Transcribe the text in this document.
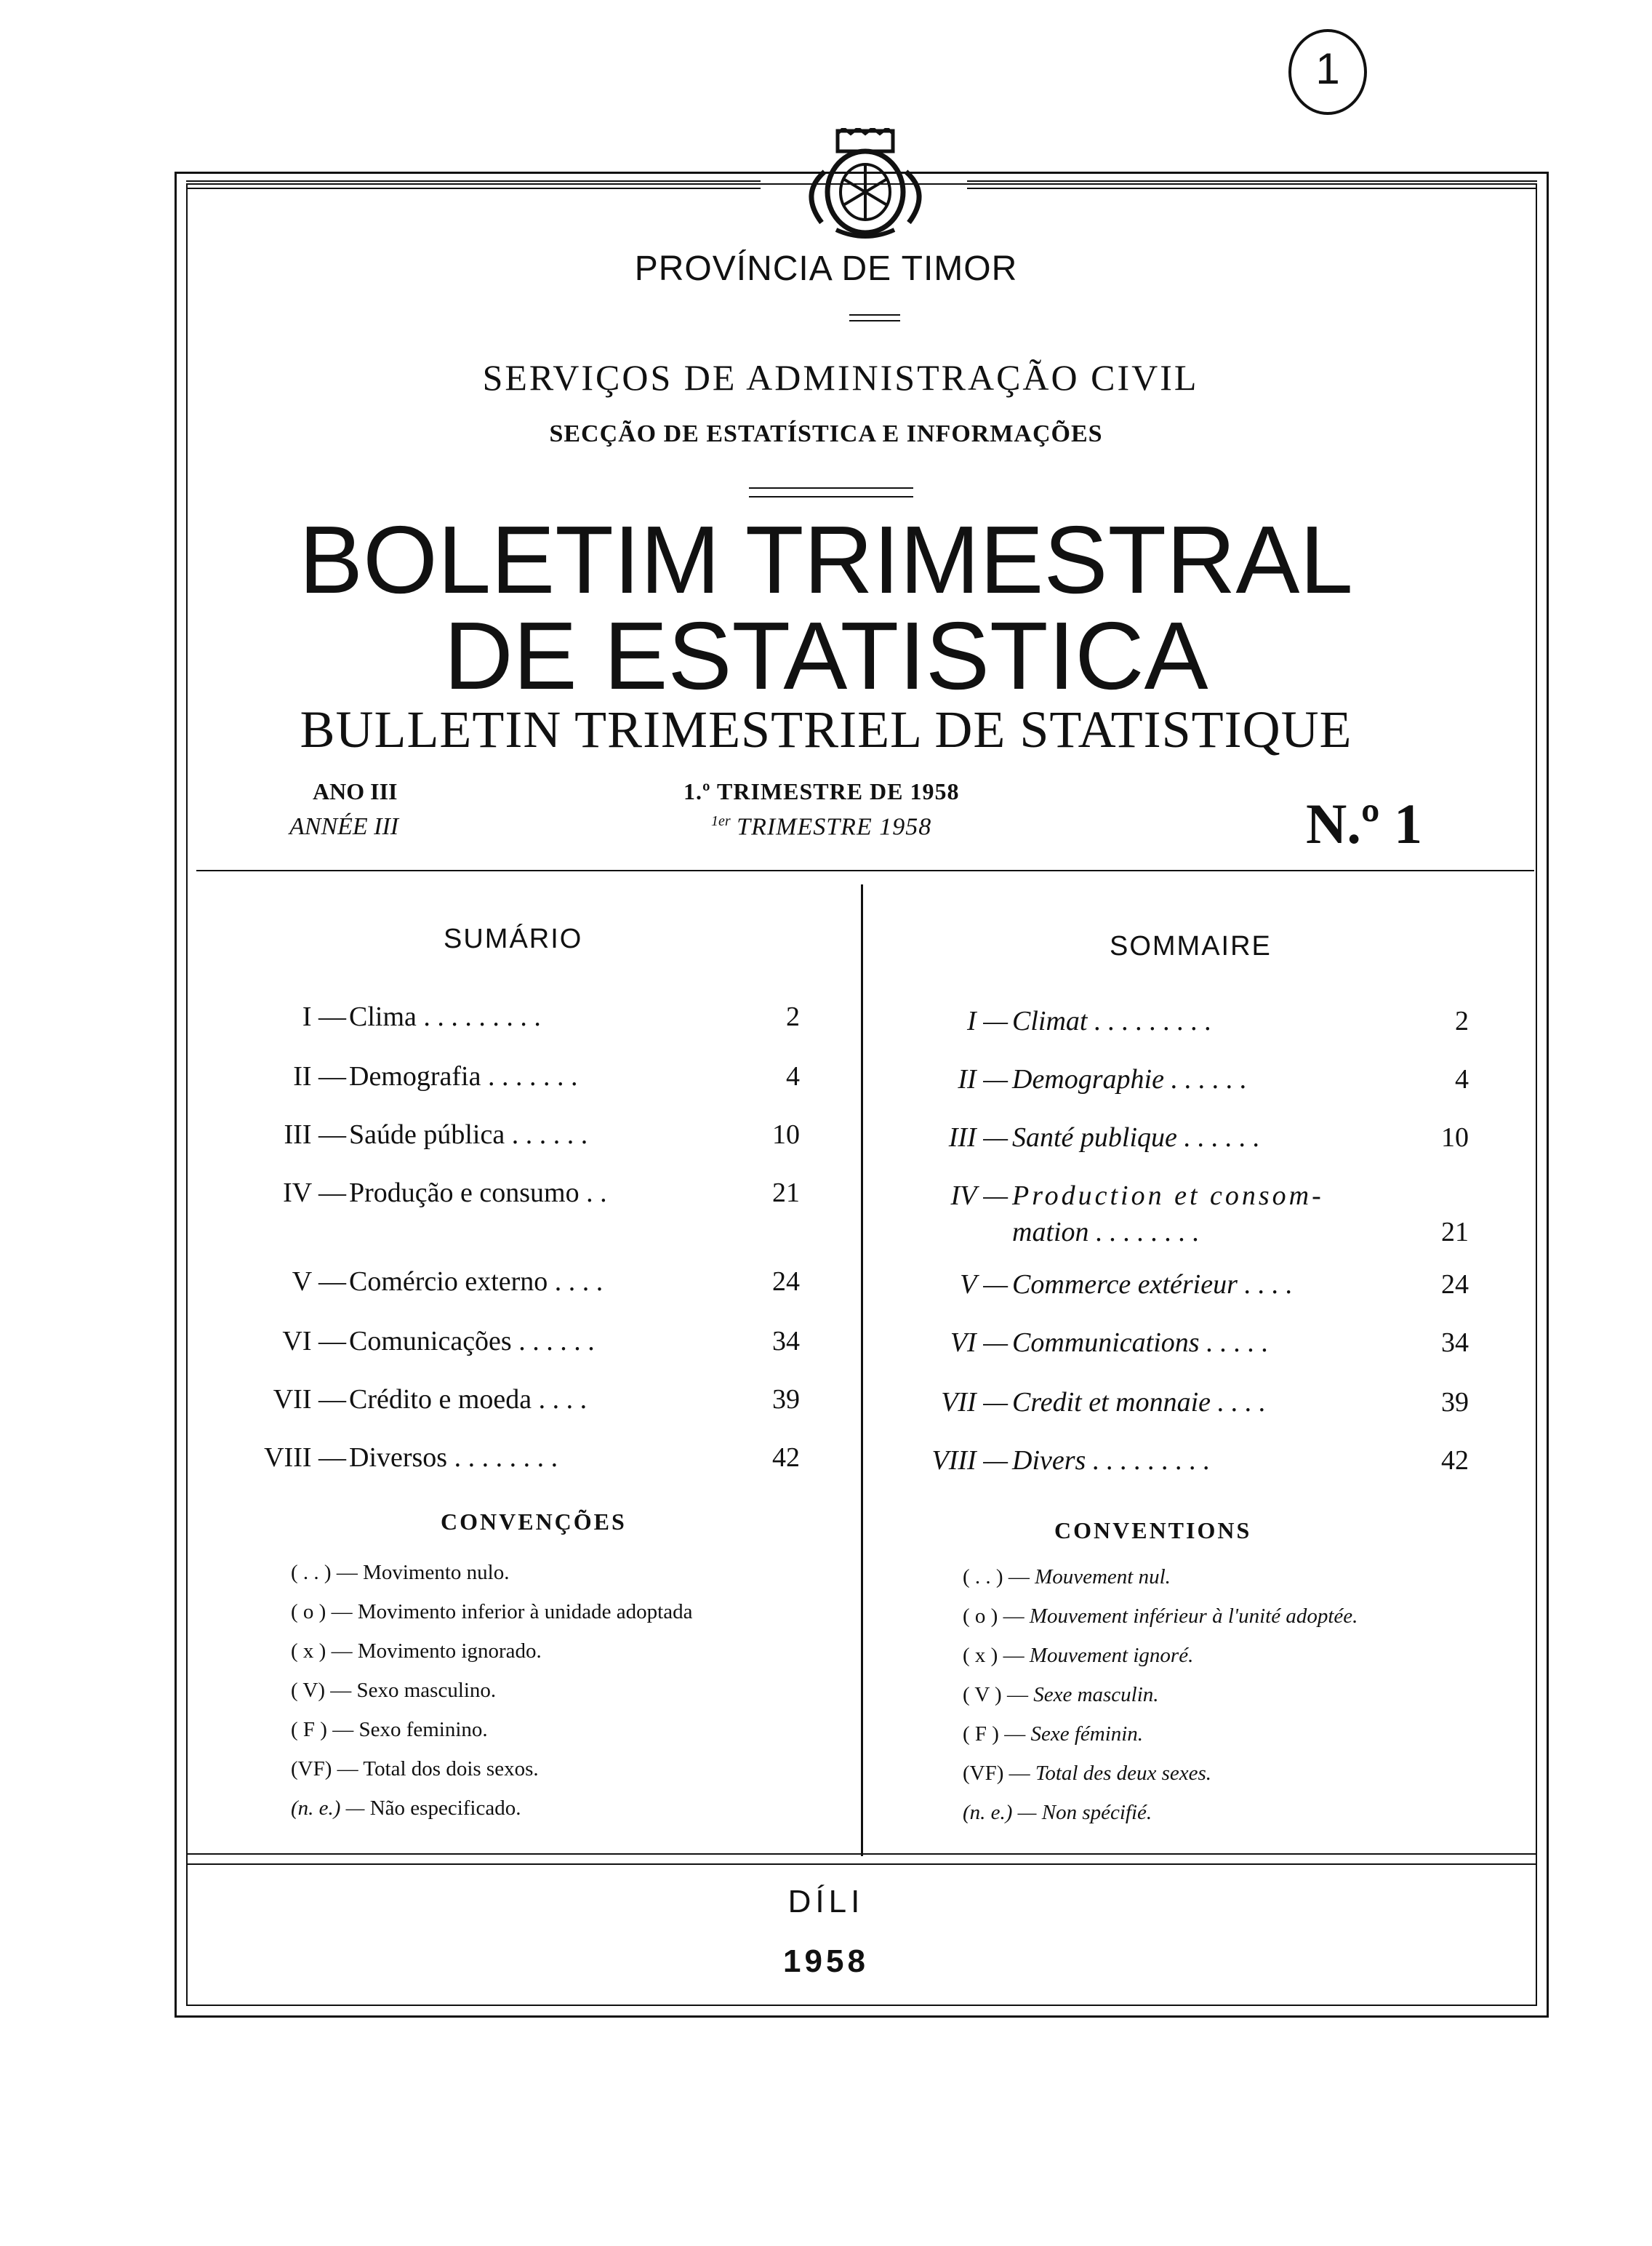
1
PROVÍNCIA DE TIMOR
SERVIÇOS DE ADMINISTRAÇÃO CIVIL
SECÇÃO DE ESTATÍSTICA E INFORMAÇÕES
BOLETIM TRIMESTRAL
DE ESTATISTICA
BULLETIN TRIMESTRIEL DE STATISTIQUE
ANO III
ANNÉE III
1.º TRIMESTRE DE 1958
$^{1er}$ TRIMESTRE 1958	N.º 1
SUMÁRIO	SOMMAIRE
I — Clima . . . . . . . . .	2
II — Demografia . . . . . . .	4
III — Saúde pública . . . . . .	10
IV — Produção e consumo . .	21
V — Comércio externo . . . .	24
VI — Comunicações . . . . . .	34
VII — Crédito e moeda . . . .	39
VIII — Diversos . . . . . . . .	42
I — Climat . . . . . . . . .	2
II — Demographie . . . . . .	4
III — Santé publique . . . . . .	10
IV — Production et consom-
mation . . . . . . . .	21
V — Commerce extérieur . . . .	24
VI — Communications . . . . .	34
VII — Credit et monnaie . . . .	39
VIII — Divers . . . . . . . . .	42
CONVENÇÕES	CONVENTIONS
( . . ) — Movimento nulo.
( o ) — Movimento inferior à unidade adoptada
( x ) — Movimento ignorado.
( V) — Sexo masculino.
( F ) — Sexo feminino.
(VF) — Total dos dois sexos.
(n. e.) — Não especificado.
( . . ) — Mouvement nul.
( o ) — Mouvement inférieur à l'unité adoptée.
( x ) — Mouvement ignoré.
( V ) — Sexe masculin.
( F ) — Sexe féminin.
(VF) — Total des deux sexes.
(n. e.) — Non spécifié.
DÍLI
1958
